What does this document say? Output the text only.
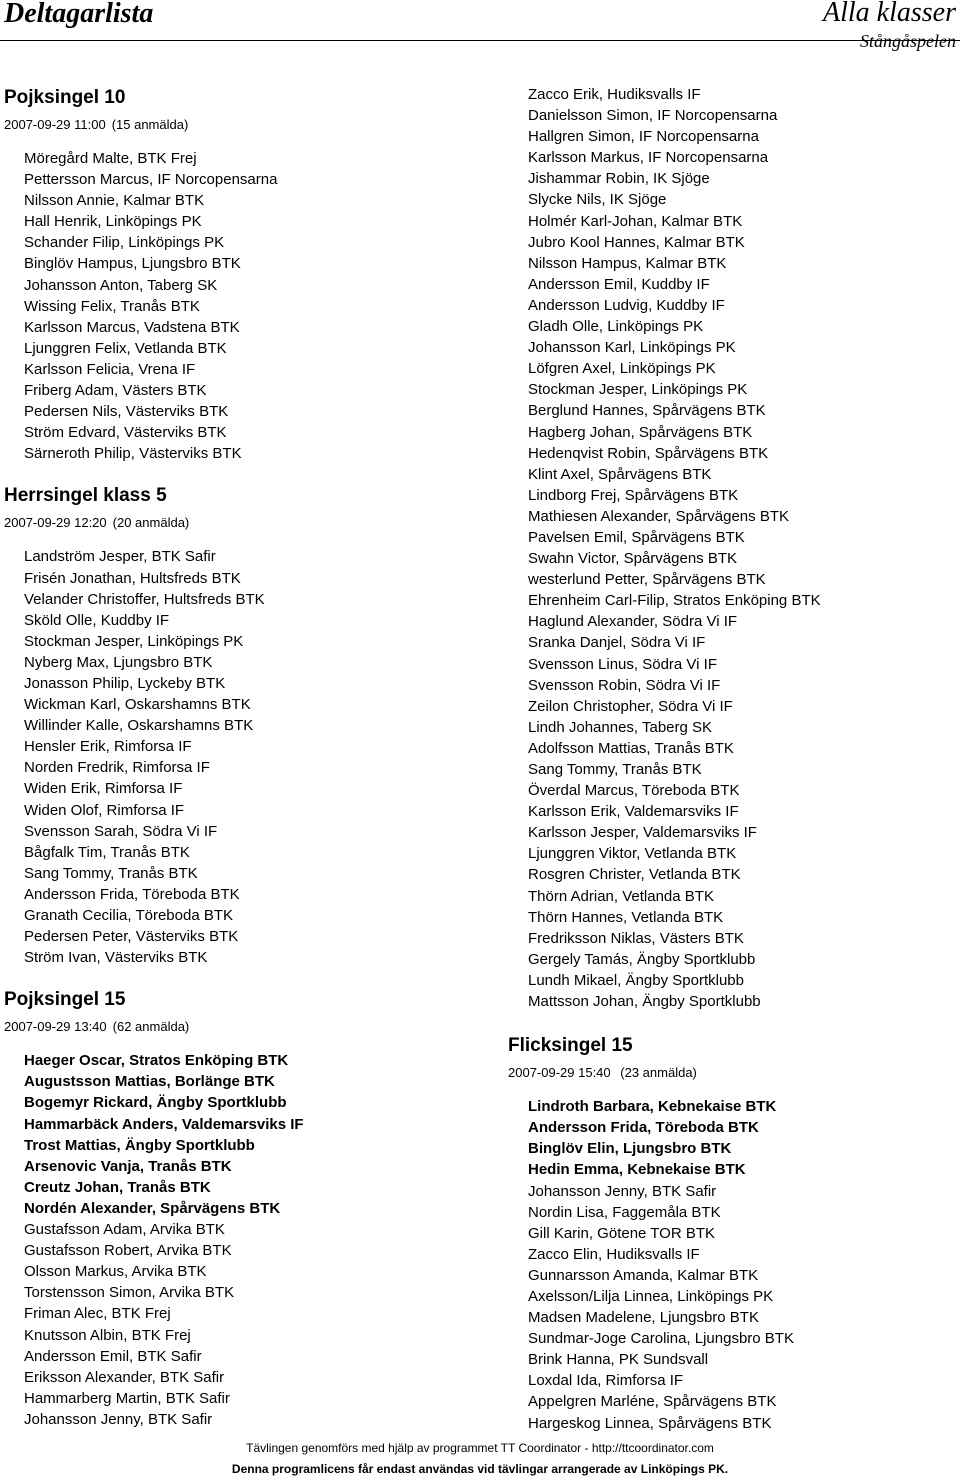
Deltagarlista	Alla klasser
Stångåspelen
Pojksingel 10
2007-09-29 11:00 (15 anmälda)
Möregård Malte, BTK Frej
Pettersson Marcus, IF Norcopensarna
Nilsson Annie, Kalmar BTK
Hall Henrik, Linköpings PK
Schander Filip, Linköpings PK
Binglöv Hampus, Ljungsbro BTK
Johansson Anton, Taberg SK
Wissing Felix, Tranås BTK
Karlsson Marcus, Vadstena BTK
Ljunggren Felix, Vetlanda BTK
Karlsson Felicia, Vrena IF
Friberg Adam, Västers BTK
Pedersen Nils, Västerviks BTK
Ström Edvard, Västerviks BTK
Särneroth Philip, Västerviks BTK
Herrsingel klass 5
2007-09-29 12:20 (20 anmälda)
Landström Jesper, BTK Safir
Frisén Jonathan, Hultsfreds BTK
Velander Christoffer, Hultsfreds BTK
Sköld Olle, Kuddby IF
Stockman Jesper, Linköpings PK
Nyberg Max, Ljungsbro BTK
Jonasson Philip, Lyckeby BTK
Wickman Karl, Oskarshamns BTK
Willinder Kalle, Oskarshamns BTK
Hensler Erik, Rimforsa IF
Norden Fredrik, Rimforsa IF
Widen Erik, Rimforsa IF
Widen Olof, Rimforsa IF
Svensson Sarah, Södra Vi IF
Bågfalk Tim, Tranås BTK
Sang Tommy, Tranås BTK
Andersson Frida, Töreboda BTK
Granath Cecilia, Töreboda BTK
Pedersen Peter, Västerviks BTK
Ström Ivan, Västerviks BTK
Pojksingel 15
2007-09-29 13:40 (62 anmälda)
Haeger Oscar, Stratos Enköping BTK
Augustsson Mattias, Borlänge BTK
Bogemyr Rickard, Ängby Sportklubb
Hammarbäck Anders, Valdemarsviks IF
Trost Mattias, Ängby Sportklubb
Arsenovic Vanja, Tranås BTK
Creutz Johan, Tranås BTK
Nordén Alexander, Spårvägens BTK
Gustafsson Adam, Arvika BTK
Gustafsson Robert, Arvika BTK
Olsson Markus, Arvika BTK
Torstensson Simon, Arvika BTK
Friman Alec, BTK Frej
Knutsson Albin, BTK Frej
Andersson Emil, BTK Safir
Eriksson Alexander, BTK Safir
Hammarberg Martin, BTK Safir
Johansson Jenny, BTK Safir
Zacco Erik, Hudiksvalls IF
Danielsson Simon, IF Norcopensarna
Hallgren Simon, IF Norcopensarna
Karlsson Markus, IF Norcopensarna
Jishammar Robin, IK Sjöge
Slycke Nils, IK Sjöge
Holmér Karl-Johan, Kalmar BTK
Jubro Kool Hannes, Kalmar BTK
Nilsson Hampus, Kalmar BTK
Andersson Emil, Kuddby IF
Andersson Ludvig, Kuddby IF
Gladh Olle, Linköpings PK
Johansson Karl, Linköpings PK
Löfgren Axel, Linköpings PK
Stockman Jesper, Linköpings PK
Berglund Hannes, Spårvägens BTK
Hagberg Johan, Spårvägens BTK
Hedenqvist Robin, Spårvägens BTK
Klint Axel, Spårvägens BTK
Lindborg Frej, Spårvägens BTK
Mathiesen Alexander, Spårvägens BTK
Pavelsen Emil, Spårvägens BTK
Swahn Victor, Spårvägens BTK
westerlund Petter, Spårvägens BTK
Ehrenheim Carl-Filip, Stratos Enköping BTK
Haglund Alexander, Södra Vi IF
Sranka Danjel, Södra Vi IF
Svensson Linus, Södra Vi IF
Svensson Robin, Södra Vi IF
Zeilon Christopher, Södra Vi IF
Lindh Johannes, Taberg SK
Adolfsson Mattias, Tranås BTK
Sang Tommy, Tranås BTK
Överdal Marcus, Töreboda BTK
Karlsson Erik, Valdemarsviks IF
Karlsson Jesper, Valdemarsviks IF
Ljunggren Viktor, Vetlanda BTK
Rosgren Christer, Vetlanda BTK
Thörn Adrian, Vetlanda BTK
Thörn Hannes, Vetlanda BTK
Fredriksson Niklas, Västers BTK
Gergely Tamás, Ängby Sportklubb
Lundh Mikael, Ängby Sportklubb
Mattsson Johan, Ängby Sportklubb
Flicksingel 15
2007-09-29 15:40 (23 anmälda)
Lindroth Barbara, Kebnekaise BTK
Andersson Frida, Töreboda BTK
Binglöv Elin, Ljungsbro BTK
Hedin Emma, Kebnekaise BTK
Johansson Jenny, BTK Safir
Nordin Lisa, Faggemåla BTK
Gill Karin, Götene TOR BTK
Zacco Elin, Hudiksvalls IF
Gunnarsson Amanda, Kalmar BTK
Axelsson/Lilja Linnea, Linköpings PK
Madsen Madelene, Ljungsbro BTK
Sundmar-Joge Carolina, Ljungsbro BTK
Brink Hanna, PK Sundsvall
Loxdal Ida, Rimforsa IF
Appelgren Marléne, Spårvägens BTK
Hargeskog Linnea, Spårvägens BTK
Tävlingen genomförs med hjälp av programmet TT Coordinator - http://ttcoordinator.com
Denna programlicens får endast användas vid tävlingar arrangerade av Linköpings PK.
